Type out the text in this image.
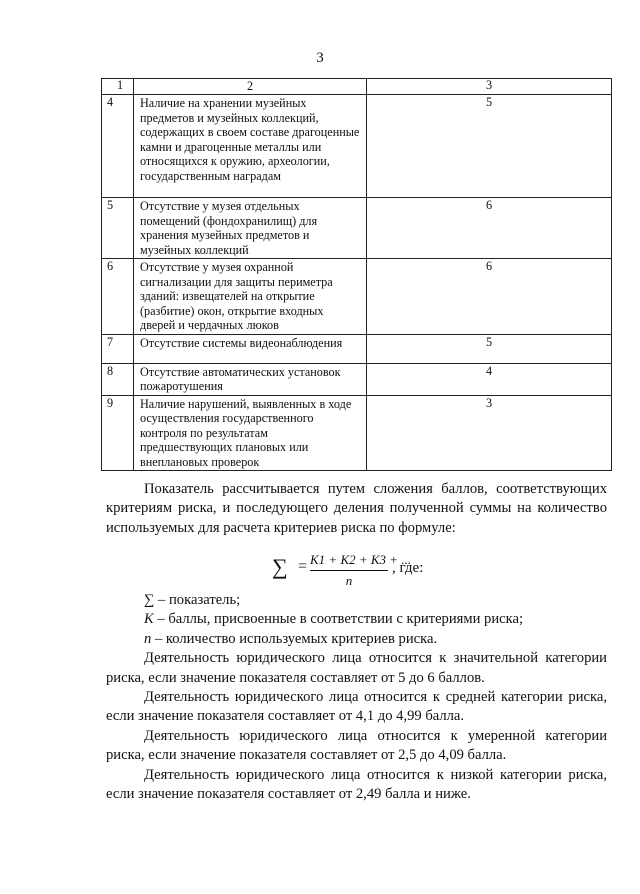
3
1	2	3
4	Наличие на хранении музейных предметов и музейных коллекций, содержащих в своем составе драгоценные камни и драгоценные металлы или относящихся к оружию, археологии, государственным наградам	5
5	Отсутствие у музея отдельных помещений (фондохранилищ) для хранения музейных предметов и музейных коллекций	6
6	Отсутствие у музея охранной сигнализации для защиты периметра зданий: извещателей на открытие (разбитие) окон, открытие входных дверей и чердачных люков	6
7	Отсутствие системы видеонаблюдения	5
8	Отсутствие автоматических установок пожаротушения	4
9	Наличие нарушений, выявленных в ходе осуществления государственного контроля по результатам предшествующих плановых или внеплановых проверок	3

Показатель рассчитывается путем сложения баллов, соответствующих критериям риска, и последующего деления полученной суммы на количество используемых для расчета критериев риска по формуле:

∑ = $\frac{K1 + K2 + K3 + ...}{n}$ , где:

∑ – показатель;

K – баллы, присвоенные в соответствии с критериями риска;

n – количество используемых критериев риска.

Деятельность юридического лица относится к значительной категории риска, если значение показателя составляет от 5 до 6 баллов.

Деятельность юридического лица относится к средней категории риска, если значение показателя составляет от 4,1 до 4,99 балла.

Деятельность юридического лица относится к умеренной категории риска, если значение показателя составляет от 2,5 до 4,09 балла.

Деятельность юридического лица относится к низкой категории риска, если значение показателя составляет от 2,49 балла и ниже.
